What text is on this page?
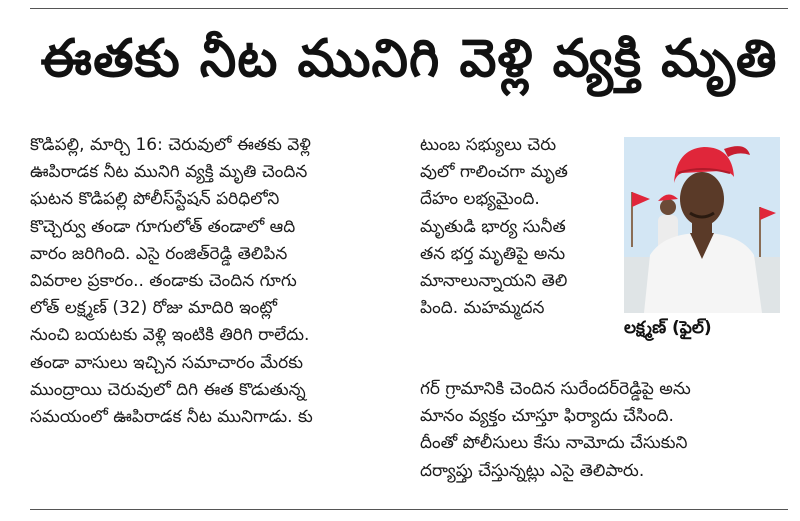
ఈతకు నీట మునిగి వెళ్లి వ్యక్తి మృతి

కొడిపల్లి, మార్చి 16: చెరువులో ఈతకు వెళ్లి

ఊపిరాడక నీట మునిగి వ్యక్తి మృతి చెందిన

ఘటన కొడిపల్లి పోలీస్‌స్టేషన్ పరిధిలోని

కొచ్చెర్వు తండా గూగులోత్ తండాలో ఆది

వారం జరిగింది. ఎసై రంజిత్‌రెడ్డి తెలిపిన

వివరాల ప్రకారం.. తండాకు చెందిన గూగు

లోత్ లక్ష్మణ్ (32) రోజు మాదిరి ఇంట్లో

నుంచి బయటకు వెళ్లి ఇంటికి తిరిగి రాలేదు.

తండా వాసులు ఇచ్చిన సమాచారం మేరకు

ముంద్రాయి చెరువులో దిగి ఈత కొడుతున్న

సమయంలో ఊపిరాడక నీట మునిగాడు. కు

టుంబ సభ్యులు చెరు

వులో గాలించగా మృత

దేహం లభ్యమైంది.

మృతుడి భార్య సునీత

తన భర్త మృతిపై అను

మానాలున్నాయని తెలి

పింది. మహమ్మదన

గర్ గ్రామానికి చెందిన సురేందర్‌రెడ్డిపై అను

మానం వ్యక్తం చూస్తూ ఫిర్యాదు చేసింది.

దీంతో పోలీసులు కేసు నామోదు చేసుకుని

దర్యాప్తు చేస్తున్నట్లు ఎసై తెలిపారు.

లక్ష్మణ్ (ఫైల్)
